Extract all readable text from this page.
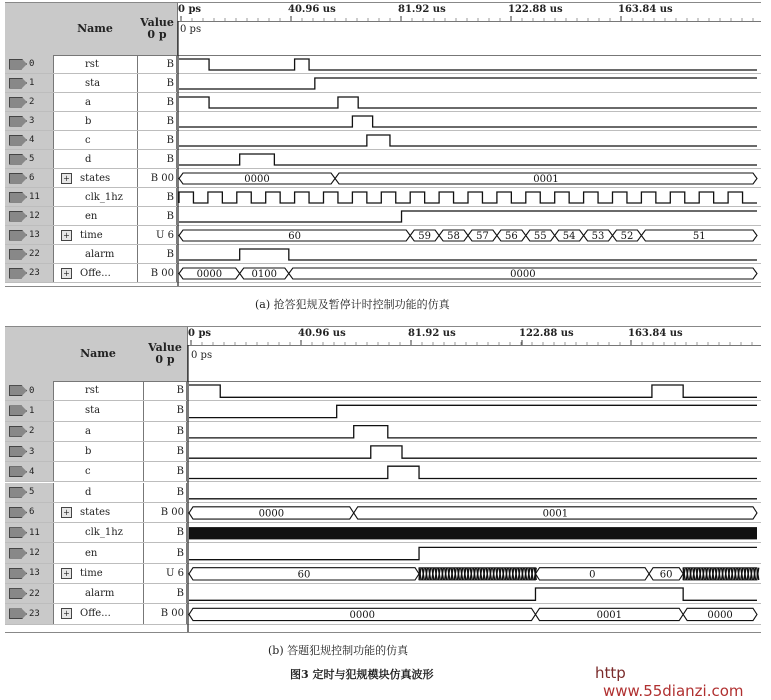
Name	Value
0 p	0 ps
0	rst	B
1	sta	B
2	a	B
3	b	B
4	c	B
5	d	B
6	+ states	B 00
11	clk_1hz	B
12	en	B
13	+ time	U 6
22	alarm	B
23	+ Offe...	B 00
0000	0001
60	59 58 57 56 55 54 53 52	51
0000	0100	0000
0 ps	40.96 us	81.92 us	122.88 us	163.84 us
(a) 抢答犯规及暂停计时控制功能的仿真
Name	Value
0 p	0 ps
0	rst	B
1	sta	B
2	a	B
3	b	B
4	c	B
5	d	B
6	+ states	B 00
11	clk_1hz	B
12	en	B
13	+ time	U 6
22	alarm	B
23	+ Offe...	B 00
0000	0001
60	0	60
0000	0001	0000
0 ps	40.96 us	81.92 us	122.88 us	163.84 us
(b) 答题犯规控制功能的仿真
图3 定时与犯规模块仿真波形	http www.55dianzi.com
